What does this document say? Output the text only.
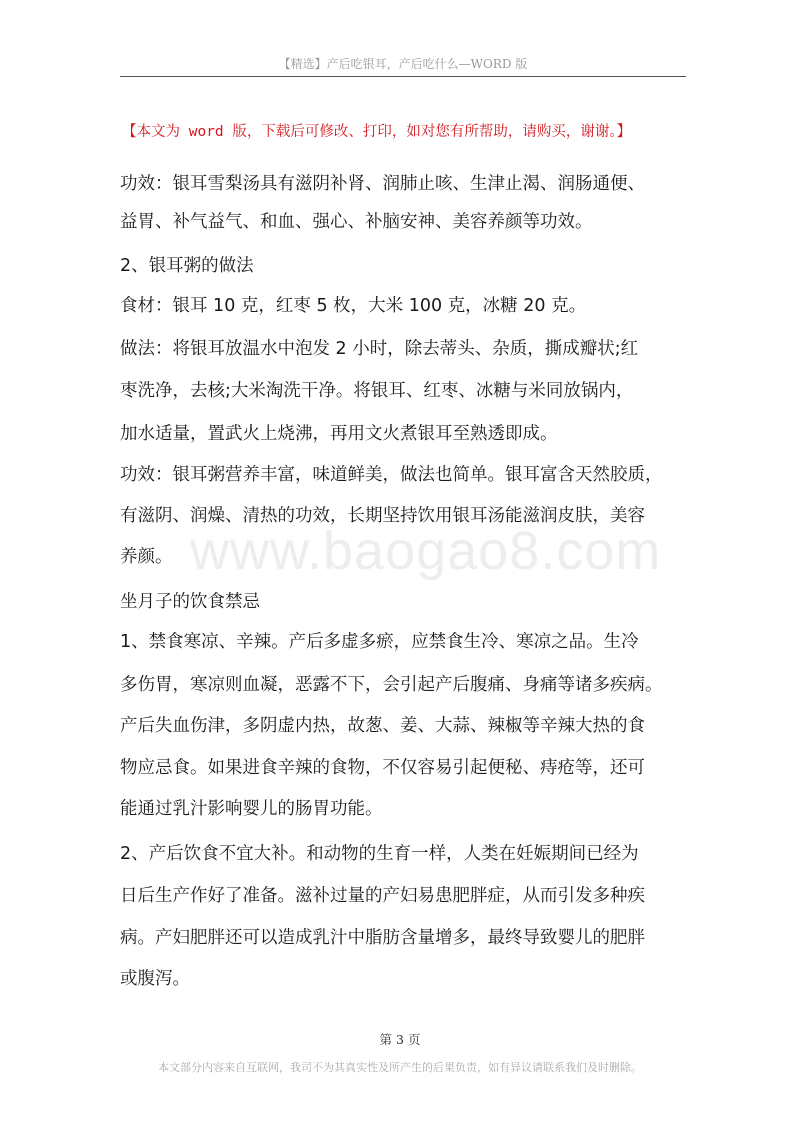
【精选】产后吃银耳，产后吃什么—WORD 版
【本文为 word 版，下载后可修改、打印，如对您有所帮助，请购买，谢谢。】
www.baogao8.com
功效：银耳雪梨汤具有滋阴补肾、润肺止咳、生津止渴、润肠通便、
益胃、补气益气、和血、强心、补脑安神、美容养颜等功效。
2、银耳粥的做法
食材：银耳 10 克，红枣 5 枚，大米 100 克，冰糖 20 克。
做法：将银耳放温水中泡发 2 小时，除去蒂头、杂质，撕成瓣状;红
枣洗净，去核;大米淘洗干净。将银耳、红枣、冰糖与米同放锅内，
加水适量，置武火上烧沸，再用文火煮银耳至熟透即成。
功效：银耳粥营养丰富，味道鲜美，做法也简单。银耳富含天然胶质，
有滋阴、润燥、清热的功效，长期坚持饮用银耳汤能滋润皮肤，美容
养颜。
坐月子的饮食禁忌
1、禁食寒凉、辛辣。产后多虚多瘀，应禁食生冷、寒凉之品。生冷
多伤胃，寒凉则血凝，恶露不下，会引起产后腹痛、身痛等诸多疾病。
产后失血伤津，多阴虚内热，故葱、姜、大蒜、辣椒等辛辣大热的食
物应忌食。如果进食辛辣的食物，不仅容易引起便秘、痔疮等，还可
能通过乳汁影响婴儿的肠胃功能。
2、产后饮食不宜大补。和动物的生育一样，人类在妊娠期间已经为
日后生产作好了准备。滋补过量的产妇易患肥胖症，从而引发多种疾
病。产妇肥胖还可以造成乳汁中脂肪含量增多，最终导致婴儿的肥胖
或腹泻。
第 3 页
本文部分内容来自互联网，我司不为其真实性及所产生的后果负责，如有异议请联系我们及时删除。
